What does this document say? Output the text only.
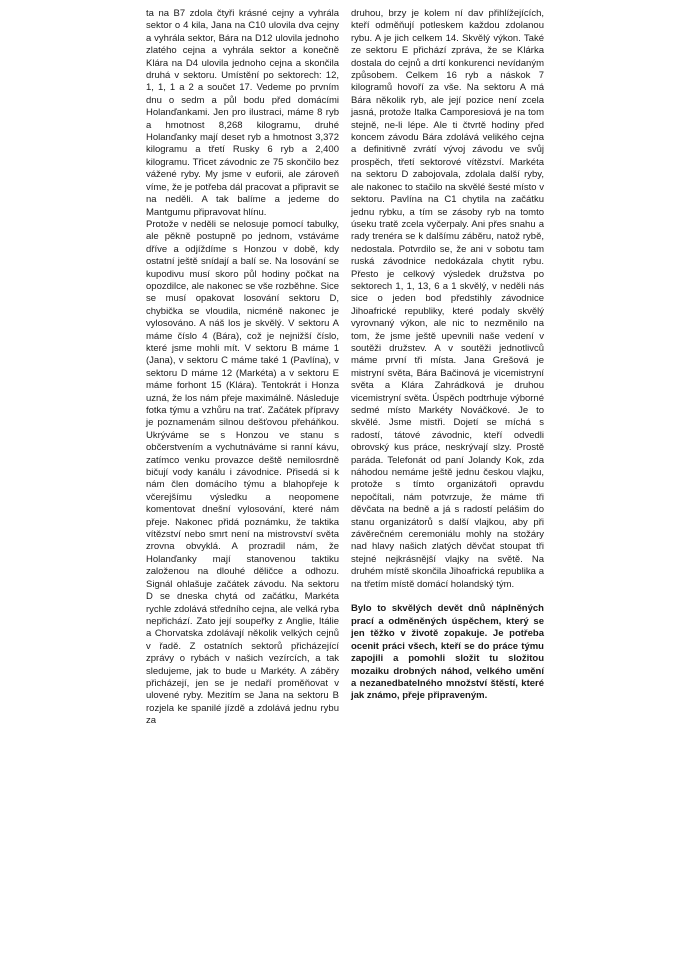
ta na B7 zdola čtyři krásné cejny a vyhrála sektor o 4 kila, Jana na C10 ulovila dva cejny a vyhrála sektor, Bára na D12 ulovila jednoho zlatého cejna a vyhrála sektor a konečně Klára na D4 ulovila jednoho cejna a skončila druhá v sektoru. Umístění po sektorech: 12, 1, 1, 1 a 2 a součet 17. Vedeme po prvním dnu o sedm a půl bodu před domácími Holanďankami. Jen pro ilustraci, máme 8 ryb a hmotnost 8,268 kilogramu, druhé Holanďanky mají deset ryb a hmotnost 3,372 kilogramu a třetí Rusky 6 ryb a 2,400 kilogramu. Třicet závodnic ze 75 skončilo bez vážené ryby. My jsme v euforii, ale zároveň víme, že je potřeba dál pracovat a připravit se na neděli. A tak balíme a jedeme do Mantgumu připravovat hlínu.

Protože v neděli se nelosuje pomocí tabulky, ale pěkně postupně po jednom, vstáváme dříve a odjíždíme s Honzou v době, kdy ostatní ještě snídají a balí se. Na losování se kupodivu musí skoro půl hodiny počkat na opozdilce, ale nakonec se vše rozběhne. Sice se musí opakovat losování sektoru D, chybička se vloudila, nicméně nakonec je vylosováno. A náš los je skvělý. V sektoru A máme číslo 4 (Bára), což je nejnižší číslo, které jsme mohli mít. V sektoru B máme 1 (Jana), v sektoru C máme také 1 (Pavlína), v sektoru D máme 12 (Markéta) a v sektoru E máme forhont 15 (Klára). Tentokrát i Honza uzná, že los nám přeje maximálně. Následuje fotka týmu a vzhůru na trať. Začátek přípravy je poznamenám silnou dešťovou přeháňkou. Ukrýváme se s Honzou ve stanu s občerstvením a vychutnáváme si ranní kávu, zatímco venku provazce deště nemilosrdně bičují vody kanálu i závodnice. Přisedá si k nám člen domácího týmu a blahopřeje k včerejšímu výsledku a neopomene komentovat dnešní vylosování, které nám přeje. Nakonec přidá poznámku, že taktika vítězství nebo smrt není na mistrovství světa zrovna obvyklá. A prozradil nám, že Holanďanky mají stanovenou taktiku založenou na dlouhé děličce a odhozu. Signál ohlašuje začátek závodu. Na sektoru D se dneska chytá od začátku, Markéta rychle zdolává středního cejna, ale velká ryba nepřichází. Zato její soupeřky z Anglie, Itálie a Chorvatska zdolávají několik velkých cejnů v řadě. Z ostatních sektorů přicházející zprávy o rybách v našich vezírcích, a tak sledujeme, jak to bude u Markéty. A záběry přicházejí, jen se je nedaří proměňovat v ulovené ryby. Mezitím se Jana na sektoru B rozjela ke spanilé jízdě a zdolává jednu rybu za

druhou, brzy je kolem ní dav přihlížejících, kteří odměňují potleskem každou zdolanou rybu. A je jich celkem 14. Skvělý výkon. Také ze sektoru E přichází zpráva, že se Klárka dostala do cejnů a drtí konkurenci nevídaným způsobem. Celkem 16 ryb a náskok 7 kilogramů hovoří za vše. Na sektoru A má Bára několik ryb, ale její pozice není zcela jasná, protože Italka Camporesiová je na tom stejně, ne-li lépe. Ale ti čtvrtě hodiny před koncem závodu Bára zdolává velikého cejna a definitivně zvrátí vývoj závodu ve svůj prospěch, třetí sektorové vítězství. Markéta na sektoru D zabojovala, zdolala další ryby, ale nakonec to stačilo na skvělé šesté místo v sektoru. Pavlína na C1 chytila na začátku jednu rybku, a tím se zásoby ryb na tomto úseku tratě zcela vyčerpaly. Ani přes snahu a rady trenéra se k dalšímu záběru, natož rybě, nedostala. Potvrdilo se, že ani v sobotu tam ruská závodnice nedokázala chytit rybu. Přesto je celkový výsledek družstva po sektorech 1, 1, 13, 6 a 1 skvělý, v neděli nás sice o jeden bod předstihly závodnice Jihoafrické republiky, které podaly skvělý vyrovnaný výkon, ale nic to nezměnilo na tom, že jsme ještě upevnili naše vedení v soutěži družstev. A v soutěži jednotlivců máme první tři místa. Jana Grešová je mistryní světa, Bára Bačinová je vicemistryní světa a Klára Zahrádková je druhou vicemistryní světa. Úspěch podtrhuje výborné sedmé místo Markéty Nováčkové. Je to skvělé. Jsme mistři. Dojetí se míchá s radostí, tátové závodnic, kteří odvedli obrovský kus práce, neskrývají slzy. Prostě paráda. Telefonát od paní Jolandy Kok, zda náhodou nemáme ještě jednu českou vlajku, protože s tímto organizátoři opravdu nepočítali, nám potvrzuje, že máme tři děvčata na bedně a já s radostí pelášim do stanu organizátorů s další vlajkou, aby při závěrečném ceremoniálu mohly na stožáry nad hlavy našich zlatých děvčat stoupat tři stejné nejkrásnější vlajky na světě. Na druhém místě skončila Jihoafrická republika a na třetím místě domácí holandský tým.

Bylo to skvělých devět dnů náplněných prací a odměněných úspěchem, který se jen těžko v životě zopakuje. Je potřeba ocenit práci všech, kteří se do práce týmu zapojili a pomohli složit tu složitou mozaiku drobných náhod, velkého umění a nezanedbatelného množství štěstí, které jak známo, přeje připraveným.
